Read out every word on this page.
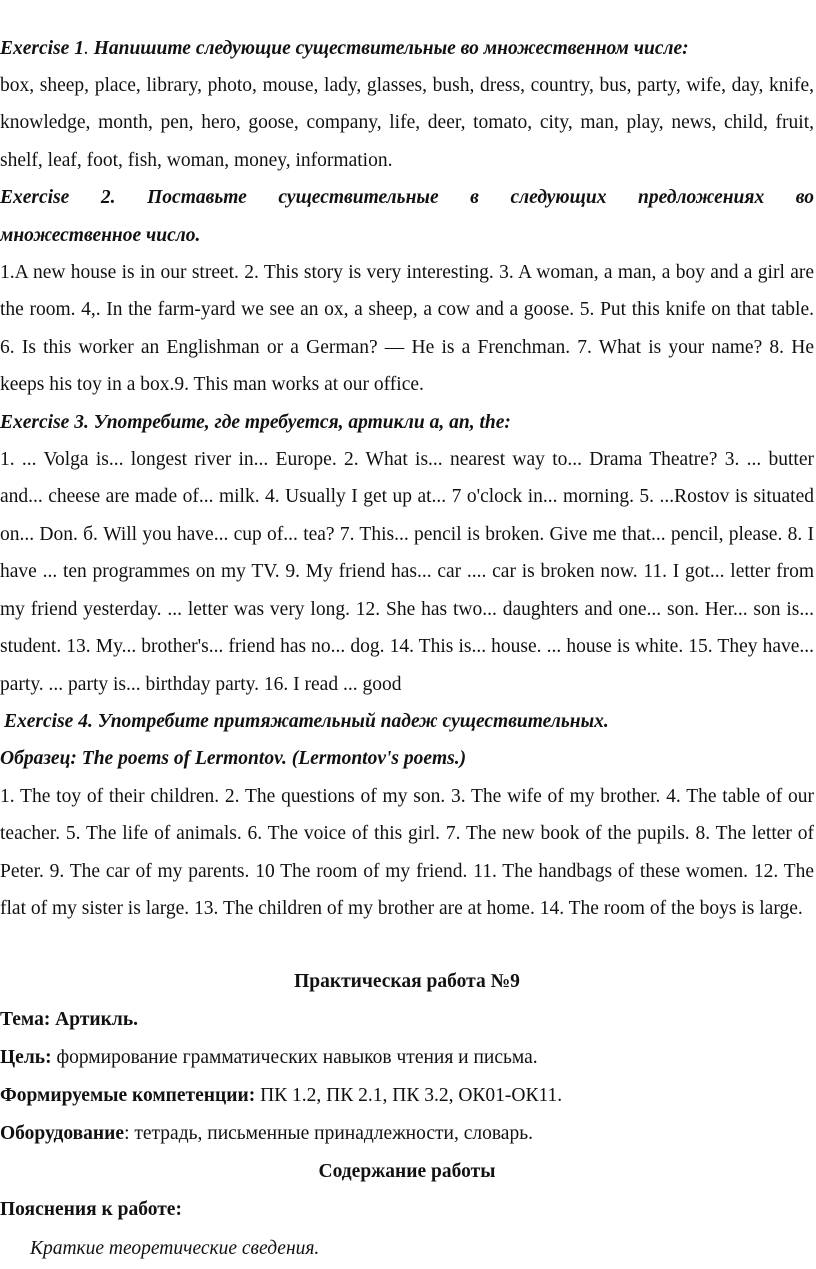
Exercise 1. Напишите следующие существительные во множественном числе:

box, sheep, place, library, photo, mouse, lady, glasses, bush, dress, country, bus, party, wife, day, knife, knowledge, month, pen, hero, goose, company, life, deer, tomato, city, man, play, news, child, fruit, shelf, leaf, foot, fish, woman, money, information.

Exercise 2. Поставьте существительные в следующих предложениях во

множественное число.

1.A new house is in our street. 2. This story is very interesting. 3. A woman, a man, a boy and a girl are the room. 4,. In the farm-yard we see an ox, a sheep, a cow and a goose. 5. Put this knife on that table. 6. Is this worker an Englishman or a German? — He is a Frenchman. 7. What is your name? 8. He keeps his toy in a box.9. This man works at our office.

Exercise 3. Употребите, где требуется, артикли a, an, the:

1. ... Volga is... longest river in... Europe. 2. What is... nearest way to... Drama Theatre? 3. ... butter and... cheese are made of... milk. 4. Usually I get up at... 7 o'clock in... morning. 5. ...Rostov is situated on... Don. б. Will you have... cup of... tea? 7. This... pencil is broken. Give me that... pencil, please. 8. I have ... ten programmes on my TV. 9. My friend has... car .... car is broken now. 11. I got... letter from my friend yesterday. ... letter was very long. 12. She has two... daughters and one... son. Her... son is... student. 13. My... brother's... friend has no... dog. 14. This is... house. ... house is white. 15. They have... party. ... party is... birthday party. 16. I read ... good

Exercise 4. Употребите притяжательный падеж существительных.

Образец: The poems of Lermontov. (Lermontov's poems.)

1. The toy of their children. 2. The questions of my son. 3. The wife of my brother. 4. The table of our teacher. 5. The life of animals. 6. The voice of this girl. 7. The new book of the pupils. 8. The letter of Peter. 9. The car of my parents. 10 The room of my friend. 11. The handbags of these women. 12. The flat of my sister is large. 13. The children of my brother are at home. 14. The room of the boys is large.

Практическая работа №9

Тема: Артикль.

Цель: формирование грамматических навыков чтения и письма.

Формируемые компетенции: ПК 1.2, ПК 2.1, ПК 3.2, ОК01-ОК11.

Оборудование: тетрадь, письменные принадлежности, словарь.

Содержание работы

Пояснения к работе:

Краткие теоретические сведения.
